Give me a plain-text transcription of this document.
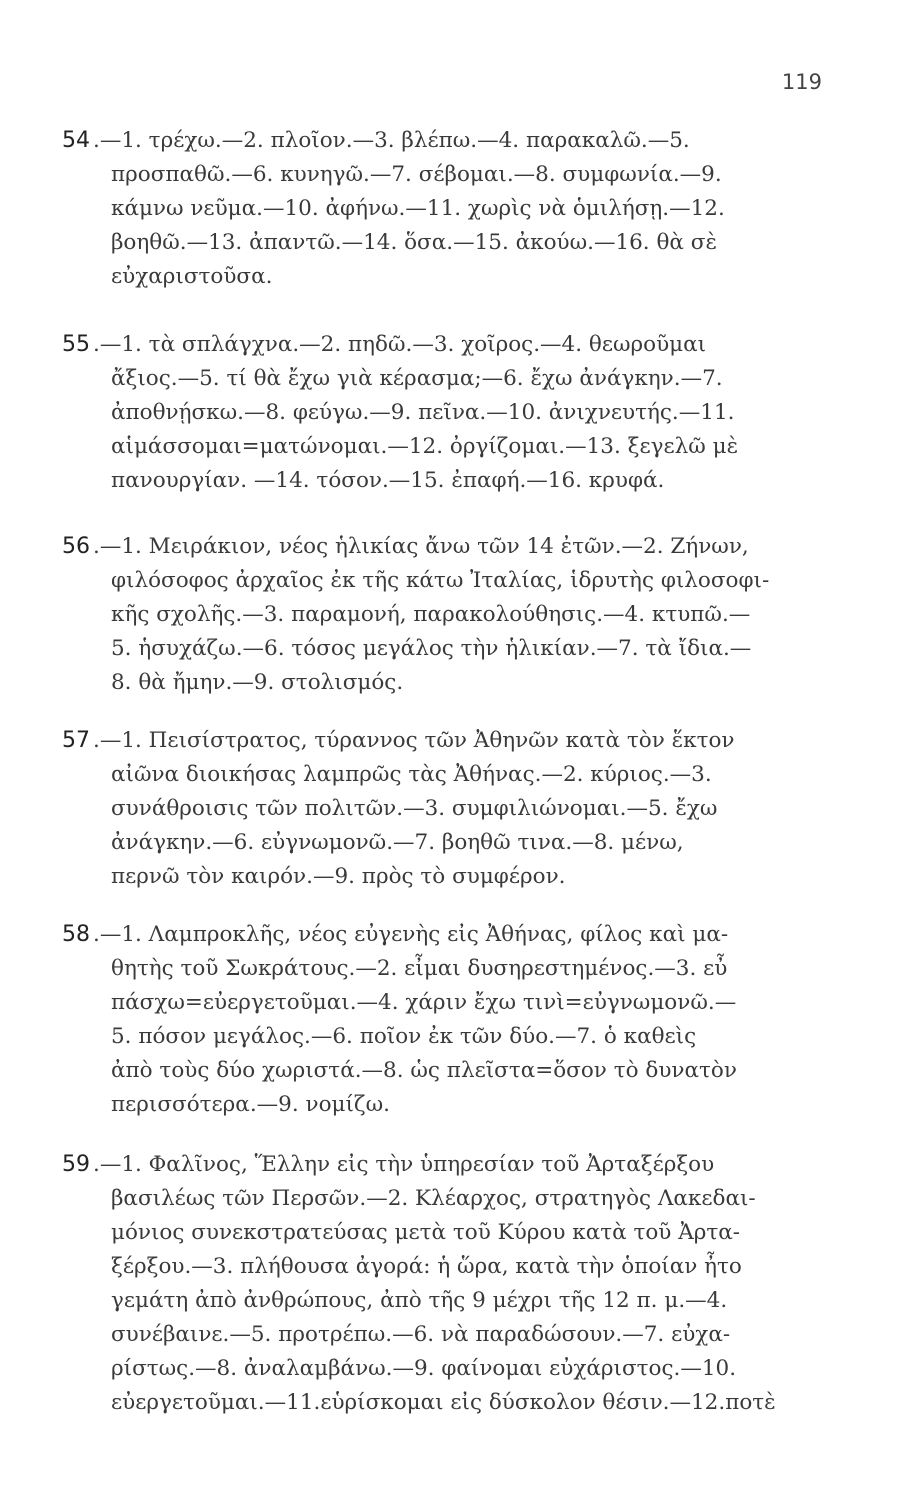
119
54 .—1. τρέχω.—2. πλοῖον.—3. βλέπω.—4. παρακαλῶ.—5.
προσπαθῶ.—6. κυνηγῶ.—7. σέβομαι.—8. συμφωνία.—9.
κάμνω νεῦμα.—10. ἀφήνω.—11. χωρὶς νὰ ὁμιλήσῃ.—12.
βοηθῶ.—13. ἀπαντῶ.—14. ὅσα.—15. ἀκούω.—16. θὰ σὲ
εὐχαριστοῦσα.
55 .—1. τὰ σπλάγχνα.—2. πηδῶ.—3. χοῖρος.—4. θεωροῦμαι
ἄξιος.—5. τί θὰ ἔχω γιὰ κέρασμα;—6. ἔχω ἀνάγκην.—7.
ἀποθνῄσκω.—8. φεύγω.—9. πεῖνα.—10. ἀνιχνευτής.—11.
αἱμάσσομαι=ματώνομαι.—12. ὀργίζομαι.—13. ξεγελῶ μὲ
πανουργίαν. —14. τόσον.—15. ἐπαφή.—16. κρυφά.
56 .—1. Μειράκιον, νέος ἡλικίας ἄνω τῶν 14 ἐτῶν.—2. Ζήνων,
φιλόσοφος ἀρχαῖος ἐκ τῆς κάτω Ἰταλίας, ἱδρυτὴς φιλοσοφι-
κῆς σχολῆς.—3. παραμονή, παρακολούθησις.—4. κτυπῶ.—
5. ἡσυχάζω.—6. τόσος μεγάλος τὴν ἡλικίαν.—7. τὰ ἴδια.—
8. θὰ ἤμην.—9. στολισμός.
57 .—1. Πεισίστρατος, τύραννος τῶν Ἀθηνῶν κατὰ τὸν ἕκτον
αἰῶνα διοικήσας λαμπρῶς τὰς Ἀθήνας.—2. κύριος.—3.
συνάθροισις τῶν πολιτῶν.—3. συμφιλιώνομαι.—5. ἔχω
ἀνάγκην.—6. εὐγνωμονῶ.—7. βοηθῶ τινα.—8. μένω,
περνῶ τὸν καιρόν.—9. πρὸς τὸ συμφέρον.
58 .—1. Λαμπροκλῆς, νέος εὐγενὴς εἰς Ἀθήνας, φίλος καὶ μα-
θητὴς τοῦ Σωκράτους.—2. εἶμαι δυσηρεστημένος.—3. εὖ
πάσχω=εὐεργετοῦμαι.—4. χάριν ἔχω τινὶ=εὐγνωμονῶ.—
5. πόσον μεγάλος.—6. ποῖον ἐκ τῶν δύο.—7. ὁ καθεὶς
ἀπὸ τοὺς δύο χωριστά.—8. ὡς πλεῖστα=ὅσον τὸ δυνατὸν
περισσότερα.—9. νομίζω.
59 .—1. Φαλῖνος, Ἕλλην εἰς τὴν ὑπηρεσίαν τοῦ Ἀρταξέρξου
βασιλέως τῶν Περσῶν.—2. Κλέαρχος, στρατηγὸς Λακεδαι-
μόνιος συνεκστρατεύσας μετὰ τοῦ Κύρου κατὰ τοῦ Ἀρτα-
ξέρξου.—3. πλήθουσα ἀγορά: ἡ ὥρα, κατὰ τὴν ὁποίαν ἦτο
γεμάτη ἀπὸ ἀνθρώπους, ἀπὸ τῆς 9 μέχρι τῆς 12 π. μ.—4.
συνέβαινε.—5. προτρέπω.—6. νὰ παραδώσουν.—7. εὐχα-
ρίστως.—8. ἀναλαμβάνω.—9. φαίνομαι εὐχάριστος.—10.
εὐεργετοῦμαι.—11.εὑρίσκομαι εἰς δύσκολον θέσιν.—12.ποτὲ
